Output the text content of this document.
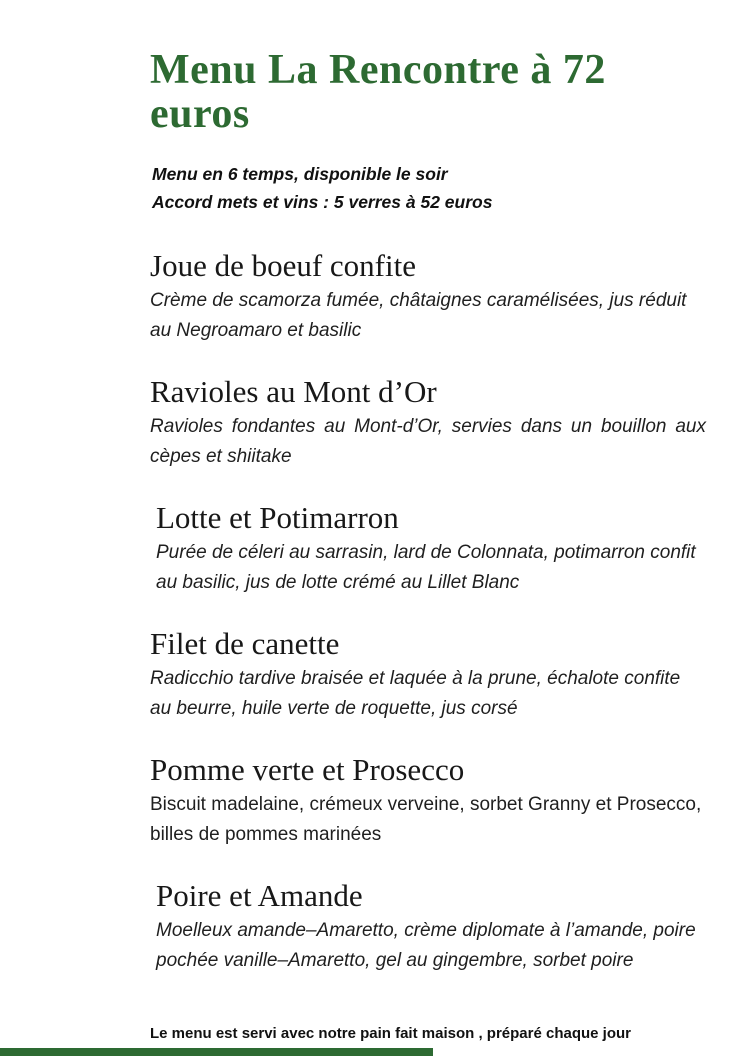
Menu La Rencontre à 72 euros
Menu en 6 temps, disponible le soir
Accord mets et vins : 5 verres à 52 euros
Joue de boeuf confite

Crème de scamorza fumée, châtaignes caramélisées, jus réduit au Negroamaro et basilic

Ravioles au Mont d’Or

Ravioles fondantes au Mont-d’Or, servies dans un bouillon aux cèpes et shiitake

Lotte et Potimarron

Purée de céleri au sarrasin, lard de Colonnata, potimarron confit au basilic, jus de lotte crémé au Lillet Blanc

Filet de canette

Radicchio tardive braisée et laquée à la prune, échalote confite au beurre, huile verte de roquette, jus corsé

Pomme verte et Prosecco

Biscuit madelaine, crémeux verveine, sorbet Granny et Prosecco, billes de pommes marinées

Poire et Amande

Moelleux amande–Amaretto, crème diplomate à l’amande, poire pochée vanille–Amaretto, gel au gingembre, sorbet poire

Le menu est servi avec notre pain fait maison , préparé chaque jour
